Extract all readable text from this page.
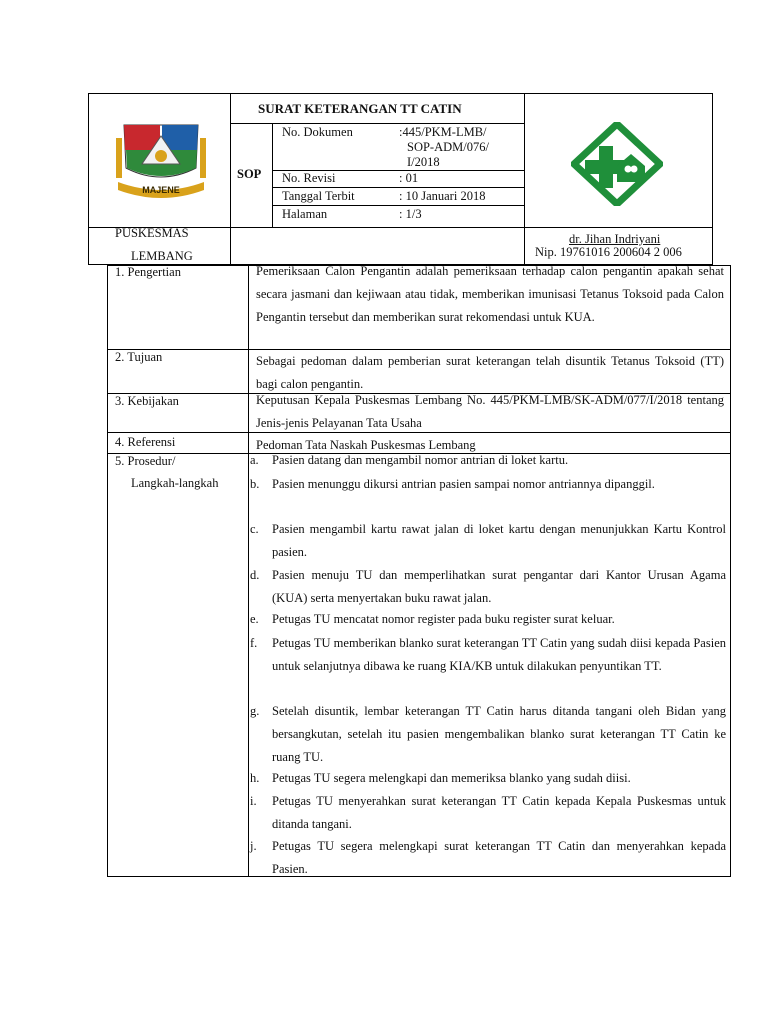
MAJENE
PUSKESMAS
LEMBANG
SURAT KETERANGAN TT CATIN
SOP
No. Dokumen	:445/PKM-LMB/
SOP-ADM/076/
I/2018
No. Revisi	: 01
Tanggal Terbit	: 10 Januari 2018
Halaman	: 1/3
dr. Jihan Indriyani
Nip. 19761016 200604 2 006
1. Pengertian	Pemeriksaan Calon Pengantin adalah pemeriksaan terhadap calon pengantin apakah sehat secara jasmani dan kejiwaan atau tidak, memberikan imunisasi Tetanus Toksoid pada Calon Pengantin tersebut dan memberikan surat rekomendasi untuk KUA.
2. Tujuan	Sebagai pedoman dalam pemberian surat keterangan telah disuntik Tetanus Toksoid (TT) bagi calon pengantin.
3. Kebijakan	Keputusan Kepala Puskesmas Lembang No. 445/PKM-LMB/SK-ADM/077/I/2018 tentang Jenis-jenis Pelayanan Tata Usaha
4. Referensi	Pedoman Tata Naskah Puskesmas Lembang
5. Prosedur/
Langkah-langkah
a. Pasien datang dan mengambil nomor antrian di loket kartu.
b. Pasien menunggu dikursi antrian pasien sampai nomor antriannya dipanggil.
c. Pasien mengambil kartu rawat jalan di loket kartu dengan menunjukkan Kartu Kontrol pasien.
d. Pasien menuju TU dan memperlihatkan surat pengantar dari Kantor Urusan Agama (KUA) serta menyertakan buku rawat jalan.
e. Petugas TU mencatat nomor register pada buku register surat keluar.
f. Petugas TU memberikan blanko surat keterangan TT Catin yang sudah diisi kepada Pasien untuk selanjutnya dibawa ke ruang KIA/KB untuk dilakukan penyuntikan TT.
g. Setelah disuntik, lembar keterangan TT Catin harus ditanda tangani oleh Bidan yang bersangkutan, setelah itu pasien mengembalikan blanko surat keterangan TT Catin ke ruang TU.
h. Petugas TU segera melengkapi dan memeriksa blanko yang sudah diisi.
i. Petugas TU menyerahkan surat keterangan TT Catin kepada Kepala Puskesmas untuk ditanda tangani.
j. Petugas TU segera melengkapi surat keterangan TT Catin dan menyerahkan kepada Pasien.
